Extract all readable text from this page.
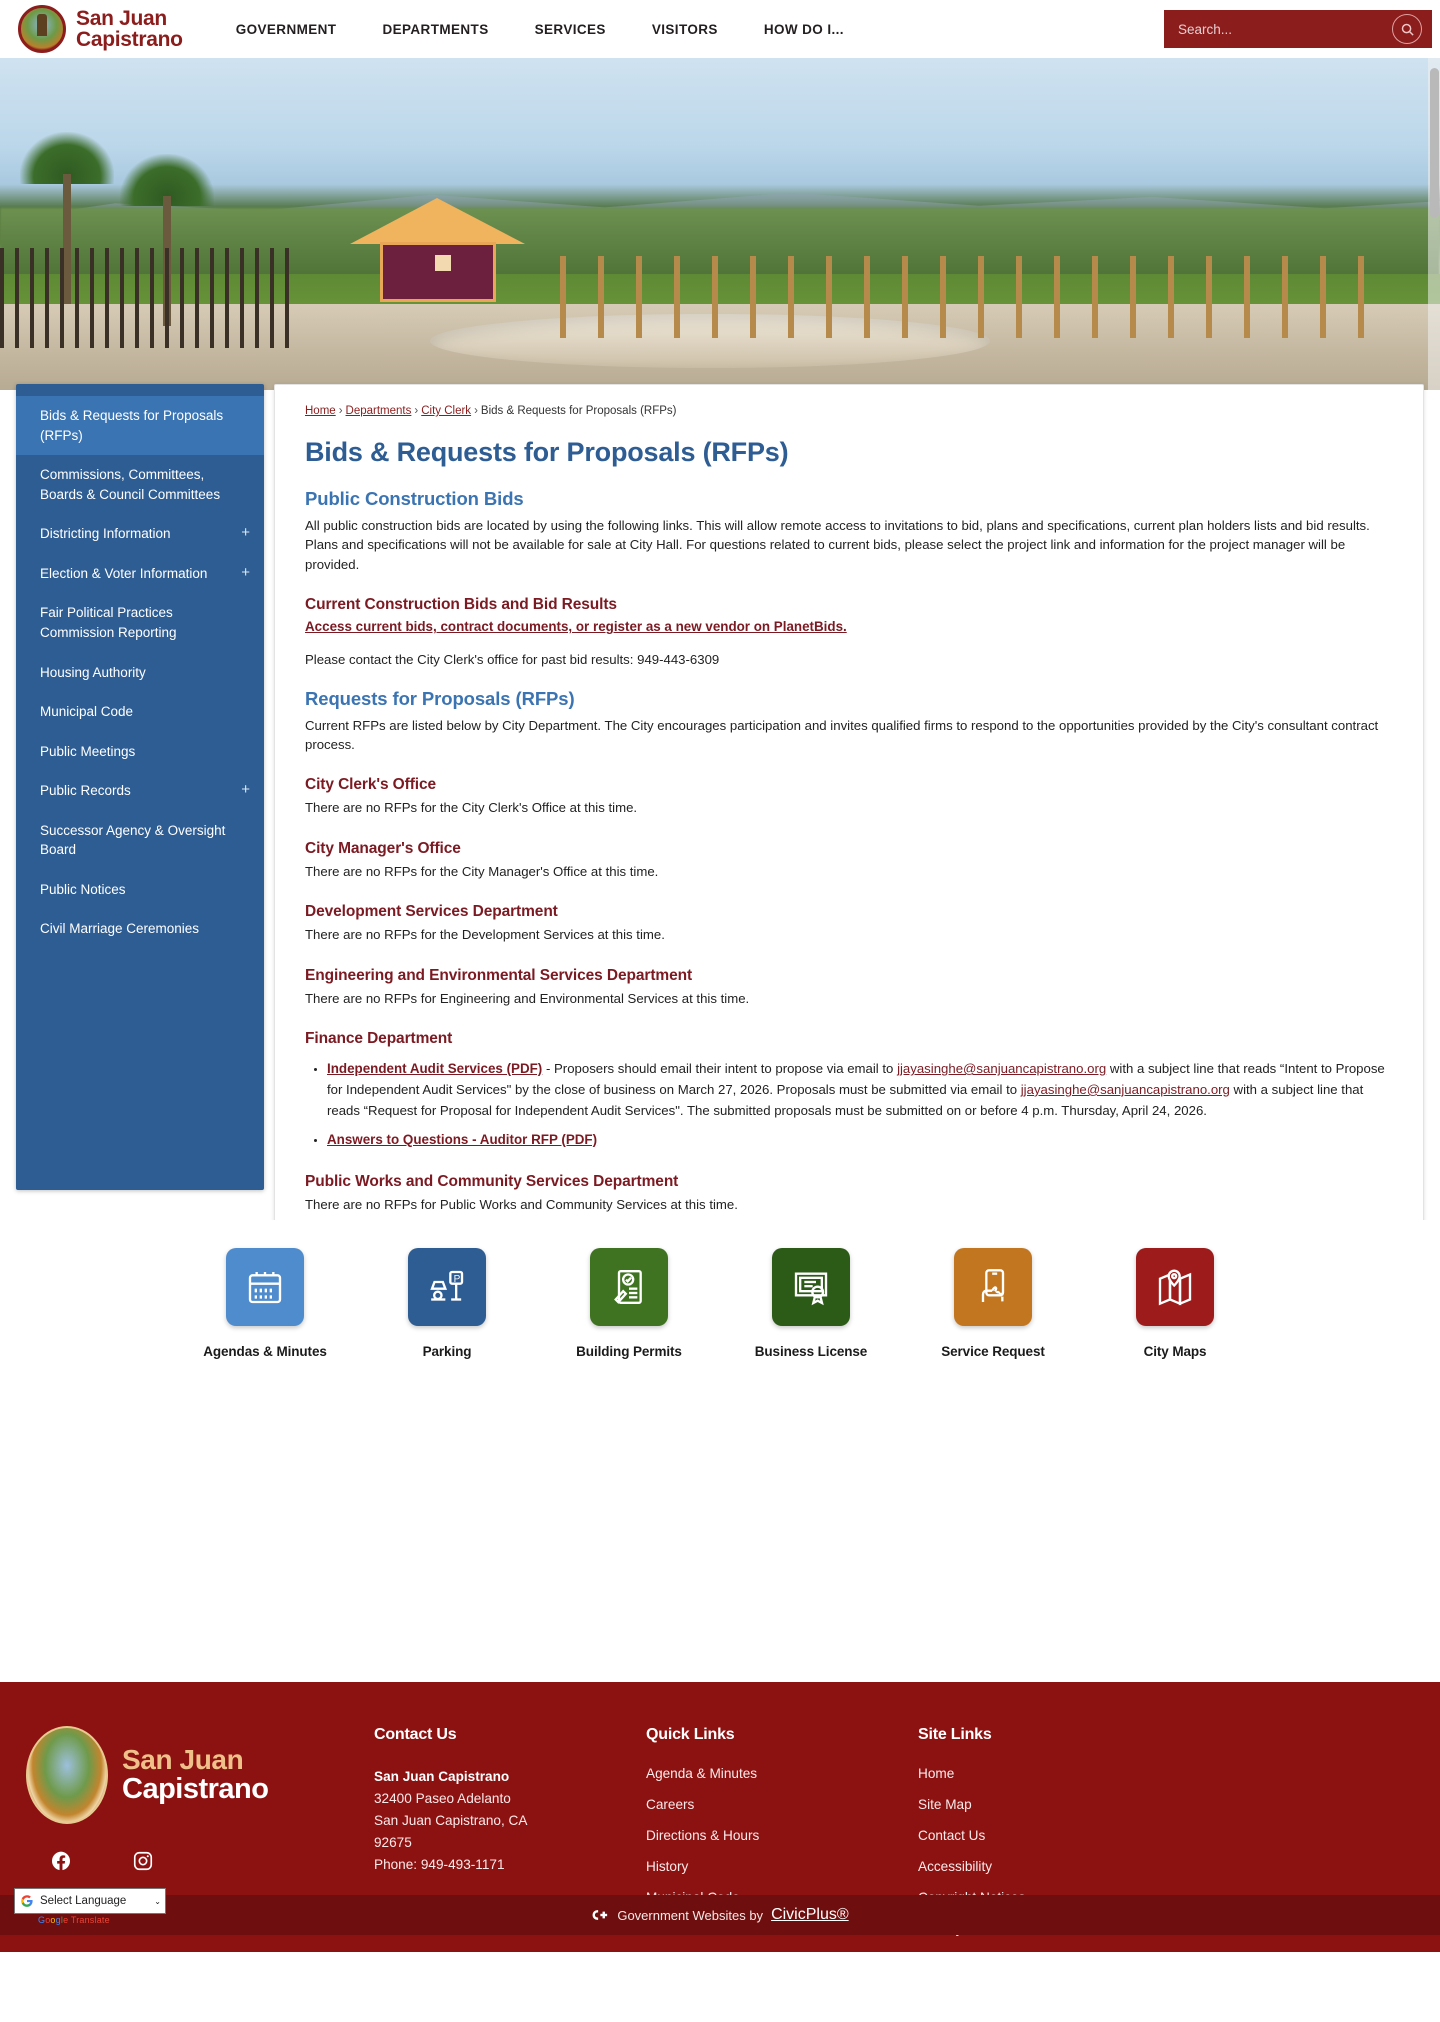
San Juan
Capistrano	GOVERNMENT	DEPARTMENTS	SERVICES	VISITORS	HOW DO I...
Search...
Bids & Requests for Proposals (RFPs)
Commissions, Committees, Boards & Council Committees
Districting Information	+
Election & Voter Information	+
Fair Political Practices Commission Reporting
Housing Authority
Municipal Code
Public Meetings
Public Records	+
Successor Agency & Oversight Board
Public Notices
Civil Marriage Ceremonies
Home › Departments › City Clerk › Bids & Requests for Proposals (RFPs)
Bids & Requests for Proposals (RFPs)
Public Construction Bids

All public construction bids are located by using the following links. This will allow remote access to invitations to bid, plans and specifications, current plan holders lists and bid results. Plans and specifications will not be available for sale at City Hall. For questions related to current bids, please select the project link and information for the project manager will be provided.

Current Construction Bids and Bid Results
Access current bids, contract documents, or register as a new vendor on PlanetBids.

Please contact the City Clerk's office for past bid results: 949-443-6309

Requests for Proposals (RFPs)

Current RFPs are listed below by City Department. The City encourages participation and invites qualified firms to respond to the opportunities provided by the City's consultant contract process.

City Clerk's Office

There are no RFPs for the City Clerk's Office at this time.

City Manager's Office

There are no RFPs for the City Manager's Office at this time.

Development Services Department

There are no RFPs for the Development Services at this time.

Engineering and Environmental Services Department

There are no RFPs for Engineering and Environmental Services at this time.

Finance Department
• Independent Audit Services (PDF) - Proposers should email their intent to propose via email to jjayasinghe@sanjuancapistrano.org with a subject line that reads “Intent to Propose for Independent Audit Services" by the close of business on March 27, 2026. Proposals must be submitted via email to jjayasinghe@sanjuancapistrano.org with a subject line that reads “Request for Proposal for Independent Audit Services". The submitted proposals must be submitted on or before 4 p.m. Thursday, April 24, 2026.
• Answers to Questions - Auditor RFP (PDF)
Public Works and Community Services Department

There are no RFPs for Public Works and Community Services at this time.

Agendas & Minutes
P
Parking	Building Permits	Business License	Service Request	City Maps
San Juan
Capistrano
Contact Us
San Juan Capistrano
32400 Paseo Adelanto
San Juan Capistrano, CA
92675
Phone: 949-493-1171
Quick Links
Agenda & Minutes
Careers
Directions & Hours
History
Site Links
Home
Site Map
Contact Us
Accessibility
Government Websites by CivicPlus®
Select Language	⌄
Google Translate
